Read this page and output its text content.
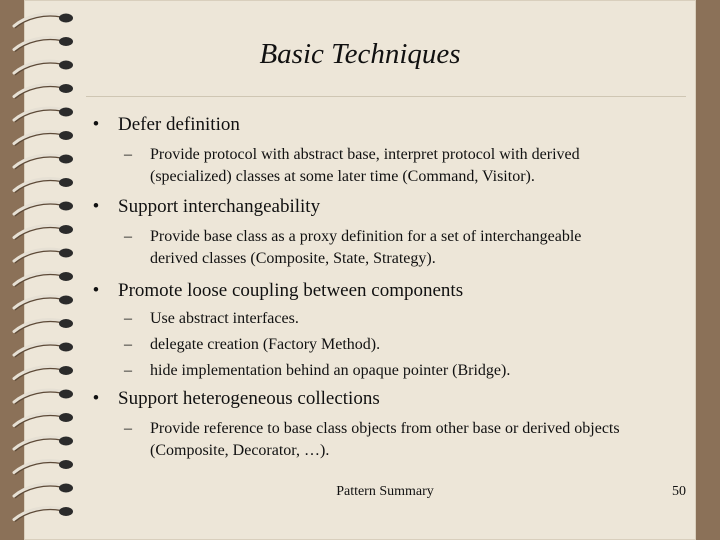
Basic Techniques
• Defer definition
– Provide protocol with abstract base, interpret protocol with derived
(specialized) classes at some later time (Command, Visitor).
• Support interchangeability
– Provide base class as a proxy definition for a set of interchangeable
derived classes (Composite, State, Strategy).
• Promote loose coupling between components
– Use abstract interfaces.
– delegate creation (Factory Method).
– hide implementation behind an opaque pointer (Bridge).
• Support heterogeneous collections
– Provide reference to base class objects from other base or derived objects
(Composite, Decorator, …).
Pattern Summary	50
